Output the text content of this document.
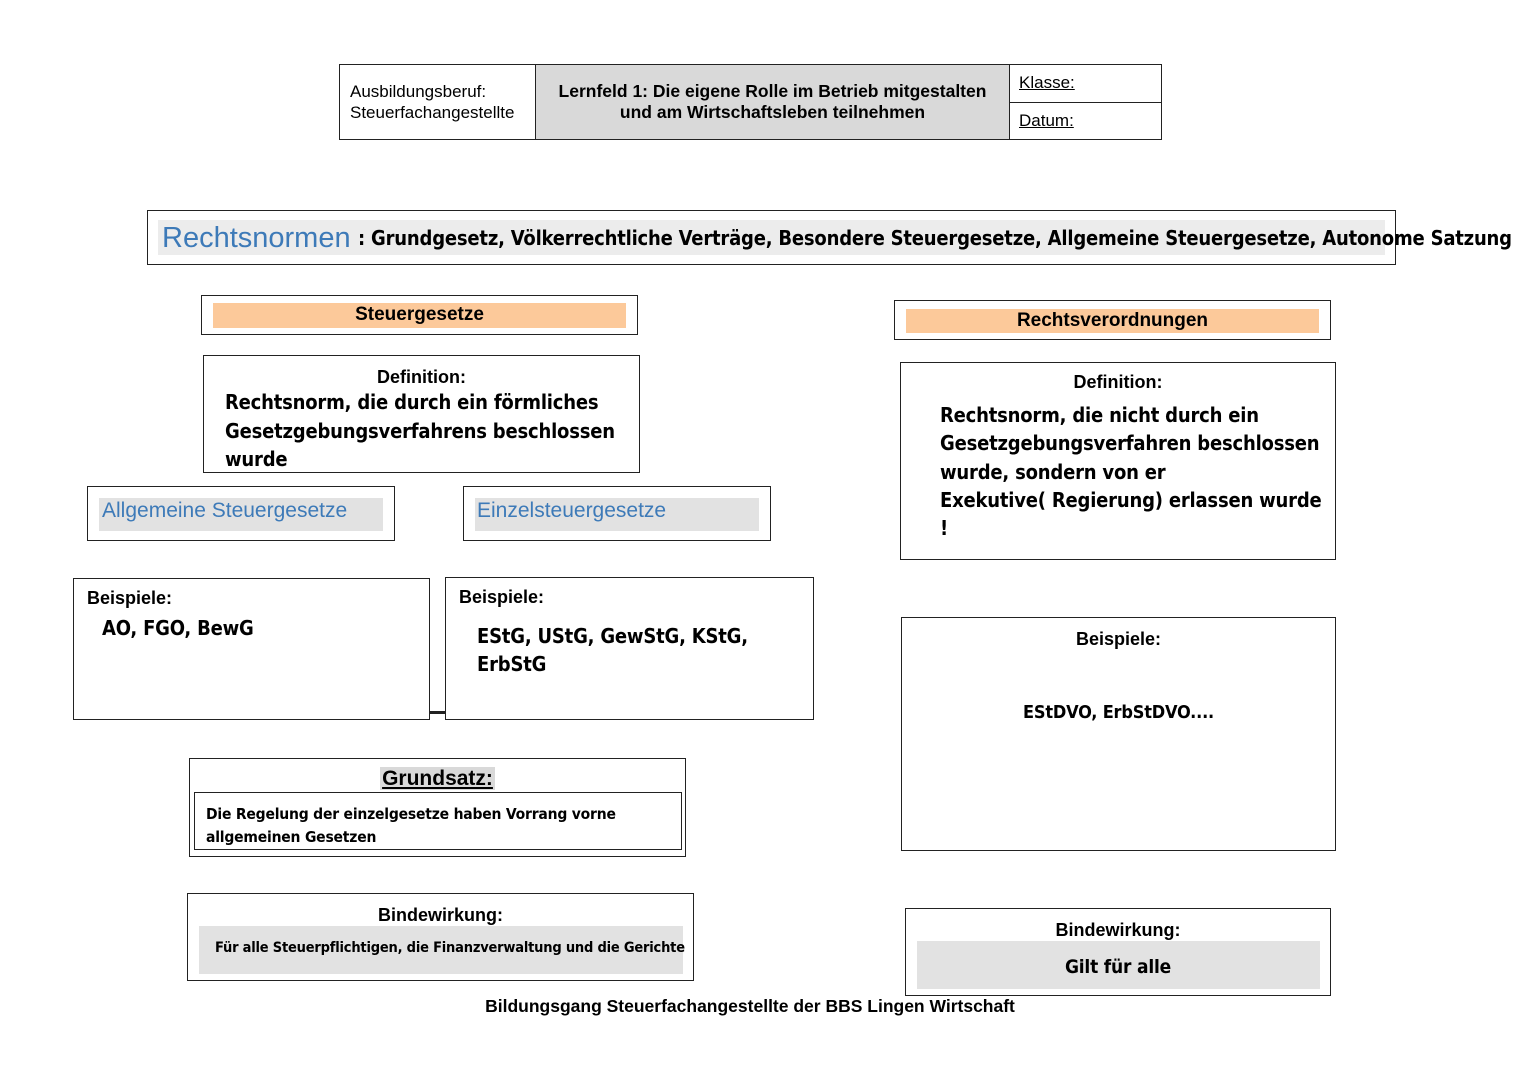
Ausbildungsberuf:
Steuerfachangestellte
Lernfeld 1: Die eigene Rolle im Betrieb mitgestalten
und am Wirtschaftsleben teilnehmen
Klasse:
Datum:
Rechtsnormen : Grundgesetz, Völkerrechtliche Verträge, Besondere Steuergesetze, Allgemeine Steuergesetze, Autonome Satzung
Steuergesetze
Definition:
Rechtsnorm, die durch ein förmliches
Gesetzgebungsverfahrens beschlossen
wurde
Allgemeine Steuergesetze	Einzelsteuergesetze
Beispiele:
AO, FGO, BewG
Beispiele:
EStG, UStG, GewStG, KStG,
ErbStG
Grundsatz:
Die Regelung der einzelgesetze haben Vorrang vorne
allgemeinen Gesetzen
Bindewirkung:
Für alle Steuerpflichtigen, die Finanzverwaltung und die Gerichte
Rechtsverordnungen
Definition:
Rechtsnorm, die nicht durch ein
Gesetzgebungsverfahren beschlossen
wurde, sondern von er
Exekutive( Regierung) erlassen wurde !
Beispiele:
EStDVO, ErbStDVO....
Bindewirkung:
Gilt für alle
Bildungsgang Steuerfachangestellte der BBS Lingen Wirtschaft
